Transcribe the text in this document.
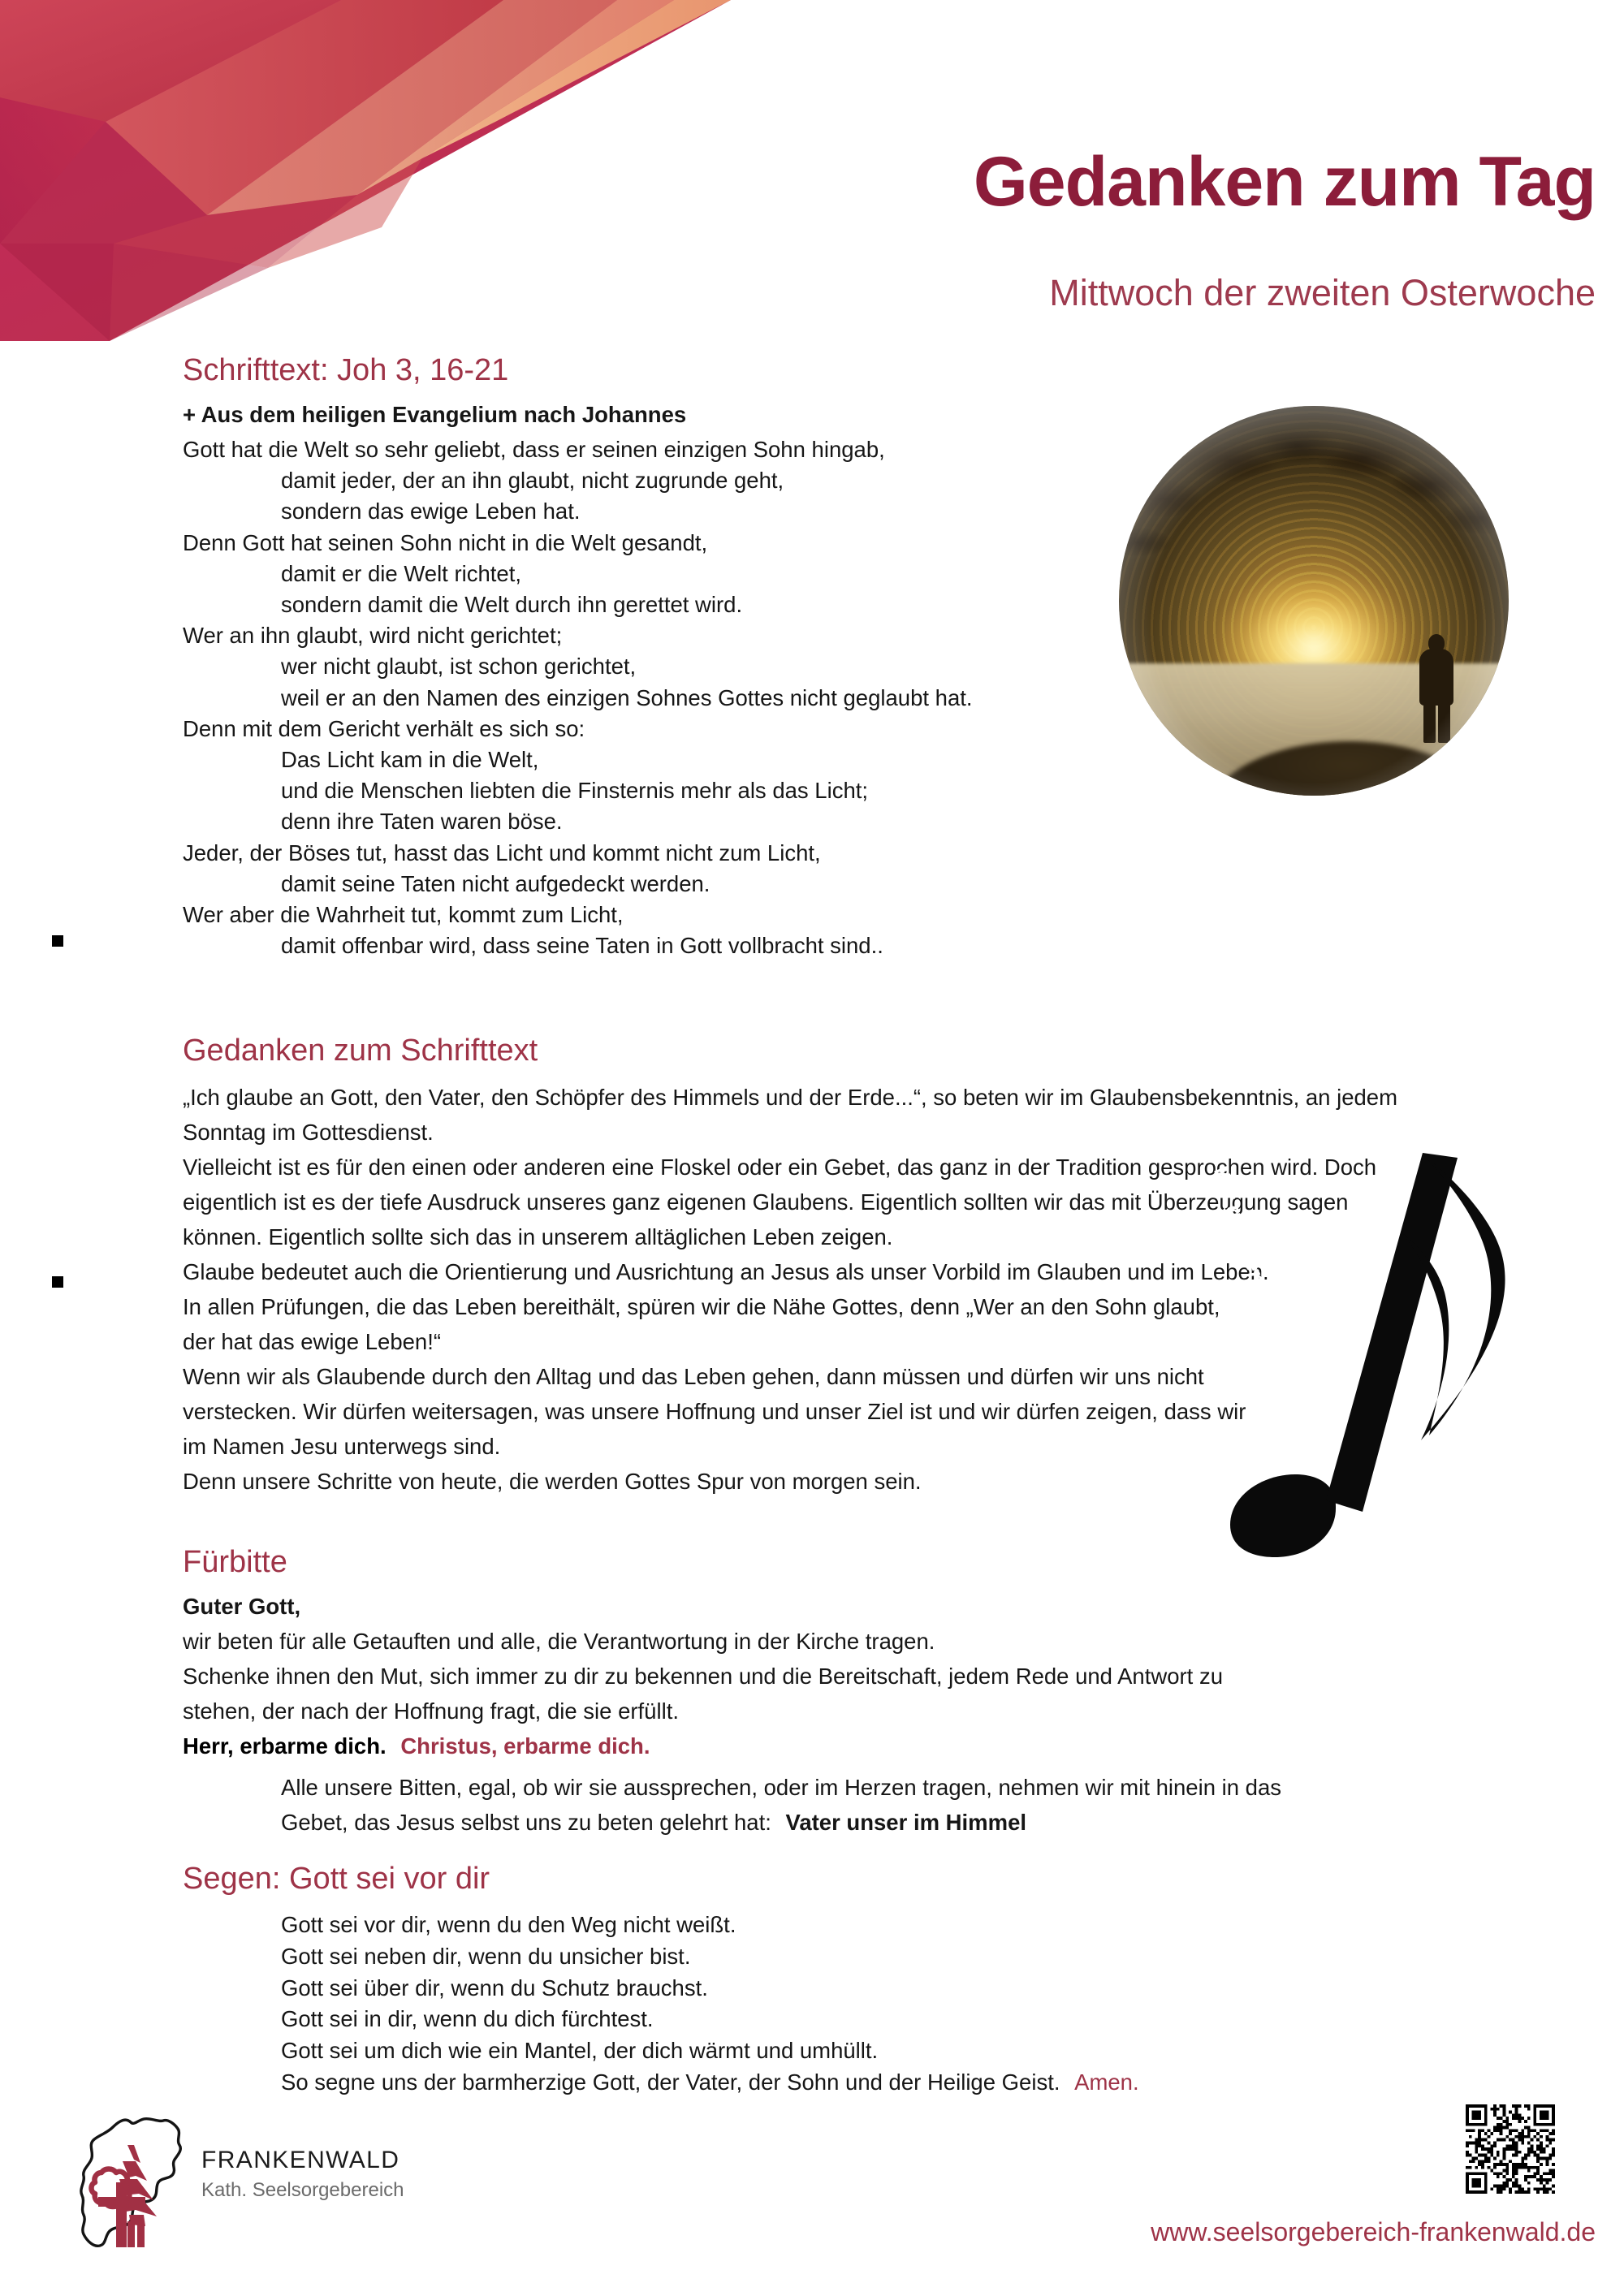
Gedanken zum Tag
Mittwoch der zweiten Osterwoche
Schrifttext: Joh 3, 16-21
+ Aus dem heiligen Evangelium nach Johannes
Gott hat die Welt so sehr geliebt, dass er seinen einzigen Sohn hingab,
damit jeder, der an ihn glaubt, nicht zugrunde geht,
sondern das ewige Leben hat.
Denn Gott hat seinen Sohn nicht in die Welt gesandt,
damit er die Welt richtet,
sondern damit die Welt durch ihn gerettet wird.
Wer an ihn glaubt, wird nicht gerichtet;
wer nicht glaubt, ist schon gerichtet,
weil er an den Namen des einzigen Sohnes Gottes nicht geglaubt hat.
Denn mit dem Gericht verhält es sich so:
Das Licht kam in die Welt,
und die Menschen liebten die Finsternis mehr als das Licht;
denn ihre Taten waren böse.
Jeder, der Böses tut, hasst das Licht und kommt nicht zum Licht,
damit seine Taten nicht aufgedeckt werden.
Wer aber die Wahrheit tut, kommt zum Licht,
damit offenbar wird, dass seine Taten in Gott vollbracht sind..
Gedanken zum Schrifttext
„Ich glaube an Gott, den Vater, den Schöpfer des Himmels und der Erde...“, so beten wir im Glaubensbekenntnis, an jedem Sonntag im Gottesdienst.
Vielleicht ist es für den einen oder anderen eine Floskel oder ein Gebet, das ganz in der Tradition gesprochen wird. Doch eigentlich ist es der tiefe Ausdruck unseres ganz eigenen Glaubens. Eigentlich sollten wir das mit Überzeugung sagen können. Eigentlich sollte sich das in unserem alltäglichen Leben zeigen.
Glaube bedeutet auch die Orientierung und Ausrichtung an Jesus als unser Vorbild im Glauben und im Leben.
In allen Prüfungen, die das Leben bereithält, spüren wir die Nähe Gottes, denn „Wer an den Sohn glaubt, der hat das ewige Leben!“
Wenn wir als Glaubende durch den Alltag und das Leben gehen, dann müssen und dürfen wir uns nicht verstecken. Wir dürfen weitersagen, was unsere Hoffnung und unser Ziel ist und wir dürfen zeigen, dass wir im Namen Jesu unterwegs sind.
Denn unsere Schritte von heute, die werden Gottes Spur von morgen sein.
Wir glauben an den einen Gott
GGB 802
Fürbitte
Guter Gott,
wir beten für alle Getauften und alle, die Verantwortung in der Kirche tragen.
Schenke ihnen den Mut, sich immer zu dir zu bekennen und die Bereitschaft, jedem Rede und Antwort zu
stehen, der nach der Hoffnung fragt, die sie erfüllt.
Herr, erbarme dich. Christus, erbarme dich.
Alle unsere Bitten, egal, ob wir sie aussprechen, oder im Herzen tragen, nehmen wir mit hinein in das
Gebet, das Jesus selbst uns zu beten gelehrt hat: Vater unser im Himmel
Segen: Gott sei vor dir
Gott sei vor dir, wenn du den Weg nicht weißt.
Gott sei neben dir, wenn du unsicher bist.
Gott sei über dir, wenn du Schutz brauchst.
Gott sei in dir, wenn du dich fürchtest.
Gott sei um dich wie ein Mantel, der dich wärmt und umhüllt.
So segne uns der barmherzige Gott, der Vater, der Sohn und der Heilige Geist. Amen.
FRANKENWALD
Kath. Seelsorgebereich
www.seelsorgebereich-frankenwald.de
